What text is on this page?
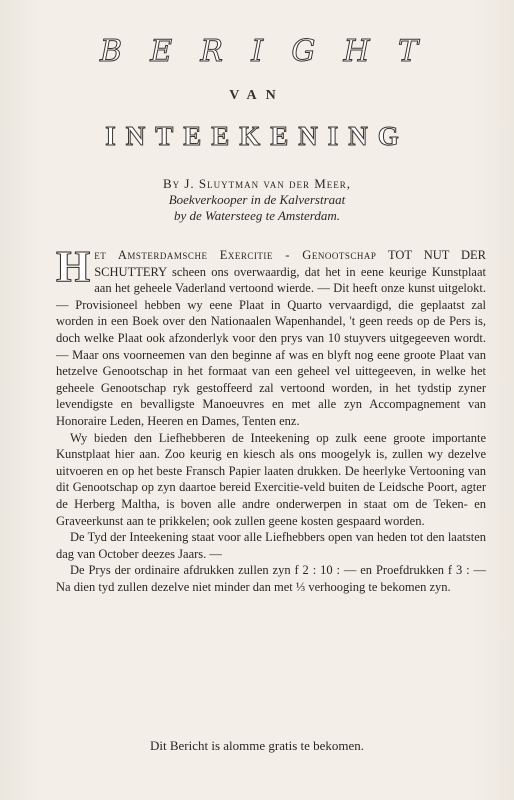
B E R I G H T
VAN
INTEEKENING
By J. Sluytman van der Meer,
Boekverkooper in de Kalverstraat
by de Watersteeg te Amsterdam.

H et Amsterdamsche Exercitie - Genootschap TOT NUT DER SCHUTTERY scheen ons overwaardig, dat het in eene keurige Kunstplaat aan het geheele Vaderland vertoond wierde. — Dit heeft onze kunst uitgelokt. — Provisioneel hebben wy eene Plaat in Quarto vervaardigd, die geplaatst zal worden in een Boek over den Nationaalen Wapenhandel, 't geen reeds op de Pers is, doch welke Plaat ook afzonderlyk voor den prys van 10 stuyvers uitgegeeven wordt. — Maar ons voorneemen van den beginne af was en blyft nog eene groote Plaat van hetzelve Genootschap in het formaat van een geheel vel uittegeeven, in welke het geheele Genootschap ryk gestoffeerd zal vertoond worden, in het tydstip zyner levendigste en bevalligste Manoeuvres en met alle zyn Accompagnement van Honoraire Leden, Heeren en Dames, Tenten enz.

Wy bieden den Liefhebberen de Inteekening op zulk eene groote importante Kunstplaat hier aan. Zoo keurig en kiesch als ons moogelyk is, zullen wy dezelve uitvoeren en op het beste Fransch Papier laaten drukken. De heerlyke Vertooning van dit Genootschap op zyn daartoe bereid Exercitie-veld buiten de Leidsche Poort, agter de Herberg Maltha, is boven alle andre onderwerpen in staat om de Teken- en Graveerkunst aan te prikkelen; ook zullen geene kosten gespaard worden.

De Tyd der Inteekening staat voor alle Liefhebbers open van heden tot den laatsten dag van October deezes Jaars. —

De Prys der ordinaire afdrukken zullen zyn f 2 : 10 : — en Proefdrukken f 3 : — Na dien tyd zullen dezelve niet minder dan met ⅓ verhooging te bekomen zyn.

Dit Bericht is alomme gratis te bekomen.
